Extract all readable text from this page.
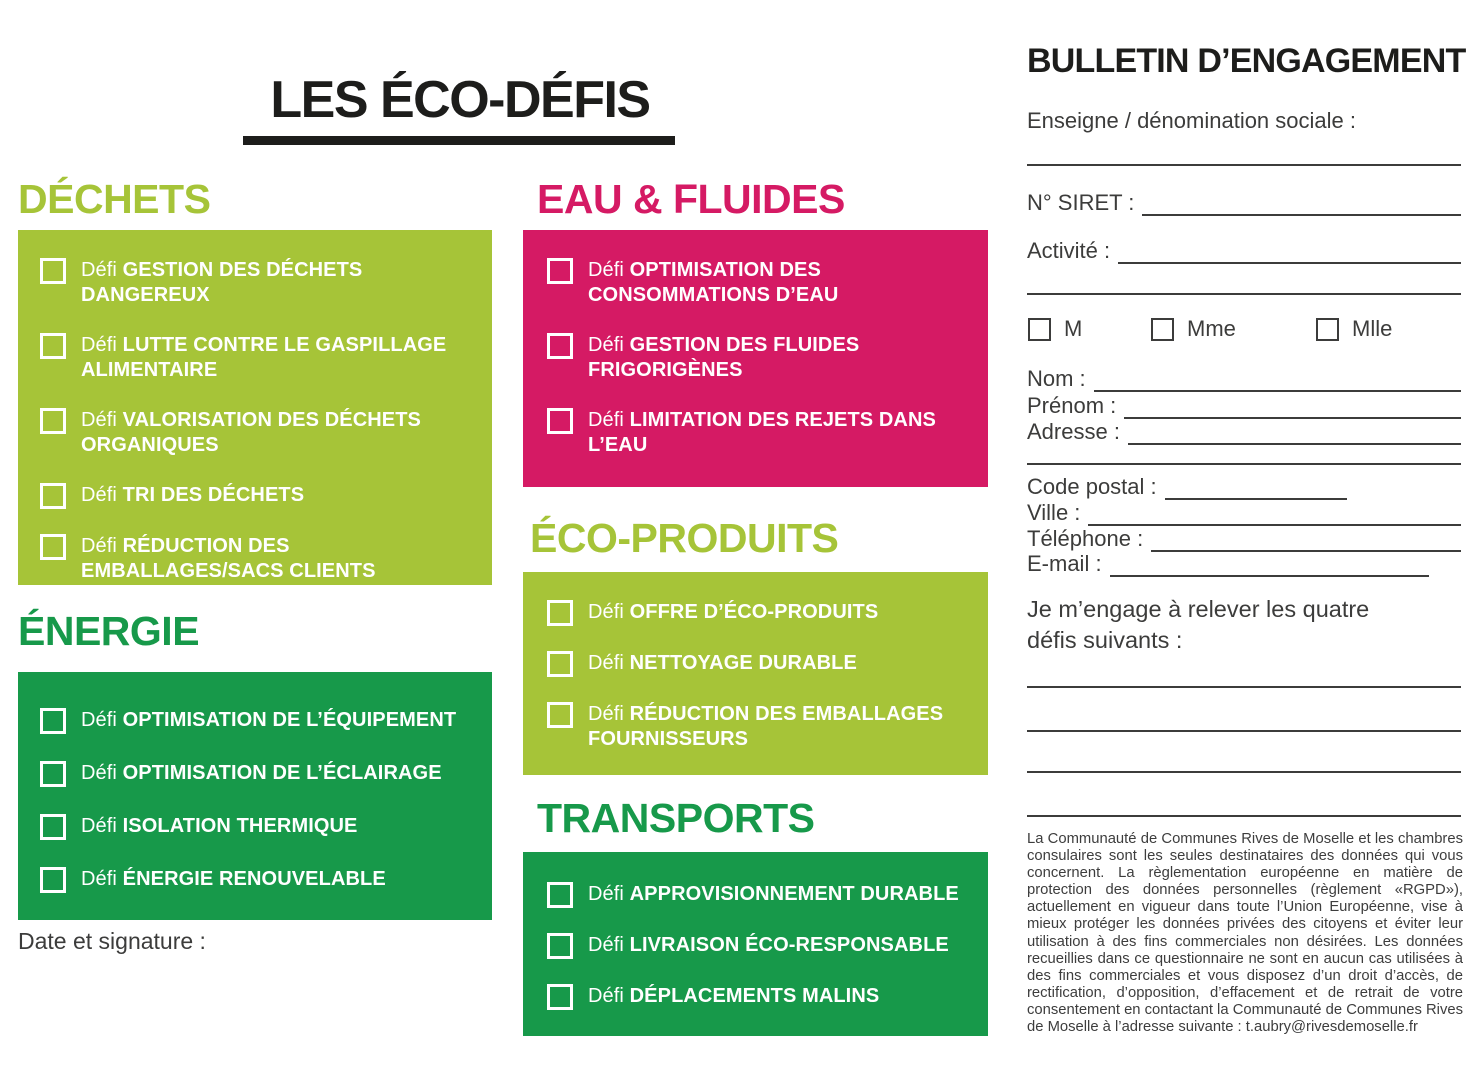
LES ÉCO-DÉFIS
DÉCHETS

Défi GESTION DES DÉCHETS DANGEREUX

Défi LUTTE CONTRE LE GASPILLAGE ALIMENTAIRE

Défi VALORISATION DES DÉCHETS ORGANIQUES

Défi TRI DES DÉCHETS

Défi RÉDUCTION DES EMBALLAGES/SACS CLIENTS

ÉNERGIE

Défi OPTIMISATION DE L’ÉQUIPEMENT

Défi OPTIMISATION DE L’ÉCLAIRAGE

Défi ISOLATION THERMIQUE

Défi ÉNERGIE RENOUVELABLE

Date et signature :

EAU & FLUIDES

Défi OPTIMISATION DES CONSOMMATIONS D’EAU

Défi GESTION DES FLUIDES FRIGORIGÈNES

Défi LIMITATION DES REJETS DANS L’EAU

ÉCO-PRODUITS

Défi OFFRE D’ÉCO-PRODUITS

Défi NETTOYAGE DURABLE

Défi RÉDUCTION DES EMBALLAGES FOURNISSEURS

TRANSPORTS

Défi APPROVISIONNEMENT DURABLE

Défi LIVRAISON ÉCO-RESPONSABLE

Défi DÉPLACEMENTS MALINS

BULLETIN D’ENGAGEMENT
Enseigne / dénomination sociale :
N° SIRET :
Activité :
M	Mme	Mlle
Nom :
Prénom :
Adresse :
Code postal :
Ville :
Téléphone :
E-mail :

Je m’engage à relever les quatre défis suivants :

La Communauté de Communes Rives de Moselle et les chambres consulaires sont les seules destinataires des données qui vous concernent. La règlementation européenne en matière de protection des données personnelles (règlement «RGPD»), actuellement en vigueur dans toute l’Union Européenne, vise à mieux protéger les données privées des citoyens et éviter leur utilisation à des fins commerciales non désirées. Les données recueillies dans ce questionnaire ne sont en aucun cas utilisées à des fins commerciales et vous disposez d’un droit d’accès, de rectification, d’opposition, d’effacement et de retrait de votre consentement en contactant la Communauté de Communes Rives de Moselle à l’adresse suivante : t.aubry@rivesdemoselle.fr
